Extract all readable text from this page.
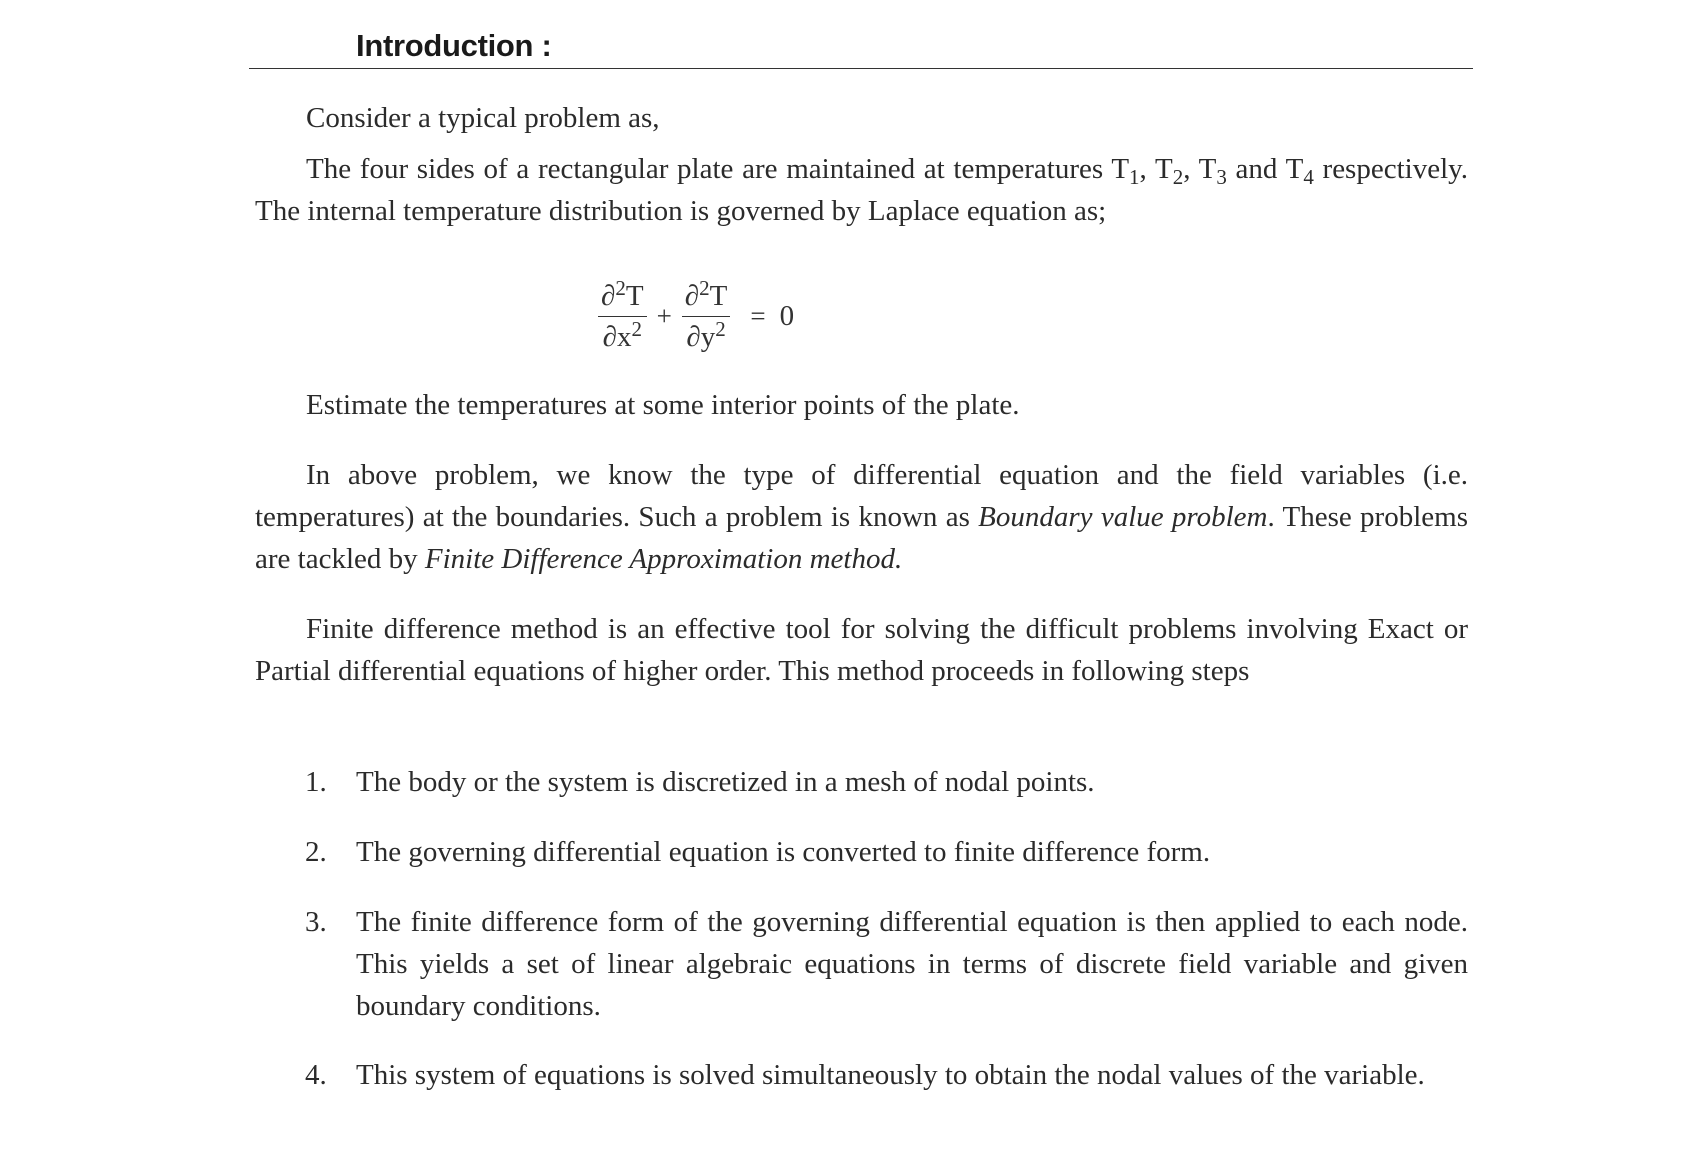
Introduction :
Consider a typical problem as,
The four sides of a rectangular plate are maintained at temperatures $T_1$, $T_2$, $T_3$ and $T_4$ respectively. The internal temperature distribution is governed by Laplace equation as;
$\frac{\partial^2T}{\partial x^2} + \frac{\partial^2T}{\partial y^2} = 0$
Estimate the temperatures at some interior points of the plate.
In above problem, we know the type of differential equation and the field variables (i.e. temperatures) at the boundaries. Such a problem is known as Boundary value problem. These problems are tackled by Finite Difference Approximation method.
Finite difference method is an effective tool for solving the difficult problems involving Exact or Partial differential equations of higher order. This method proceeds in following steps
1.	The body or the system is discretized in a mesh of nodal points.
2.	The governing differential equation is converted to finite difference form.
3.	The finite difference form of the governing differential equation is then applied to each node. This yields a set of linear algebraic equations in terms of discrete field variable and given boundary conditions.
4.	This system of equations is solved simultaneously to obtain the nodal values of the variable.
